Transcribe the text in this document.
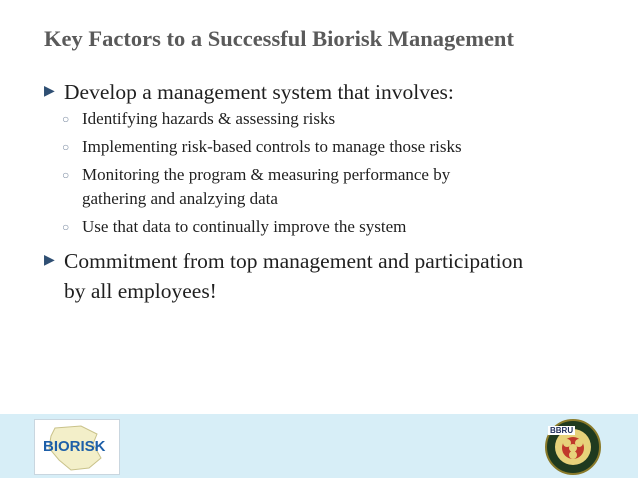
Key Factors to a Successful Biorisk Management
▶ Develop a management system that involves:
○ Identifying hazards & assessing risks
○ Implementing risk-based controls to manage those risks
○ Monitoring the program & measuring performance by
gathering and analzying data
○ Use that data to continually improve the system
▶ Commitment from top management and participation
by all employees!
BIORISK
BBRU
